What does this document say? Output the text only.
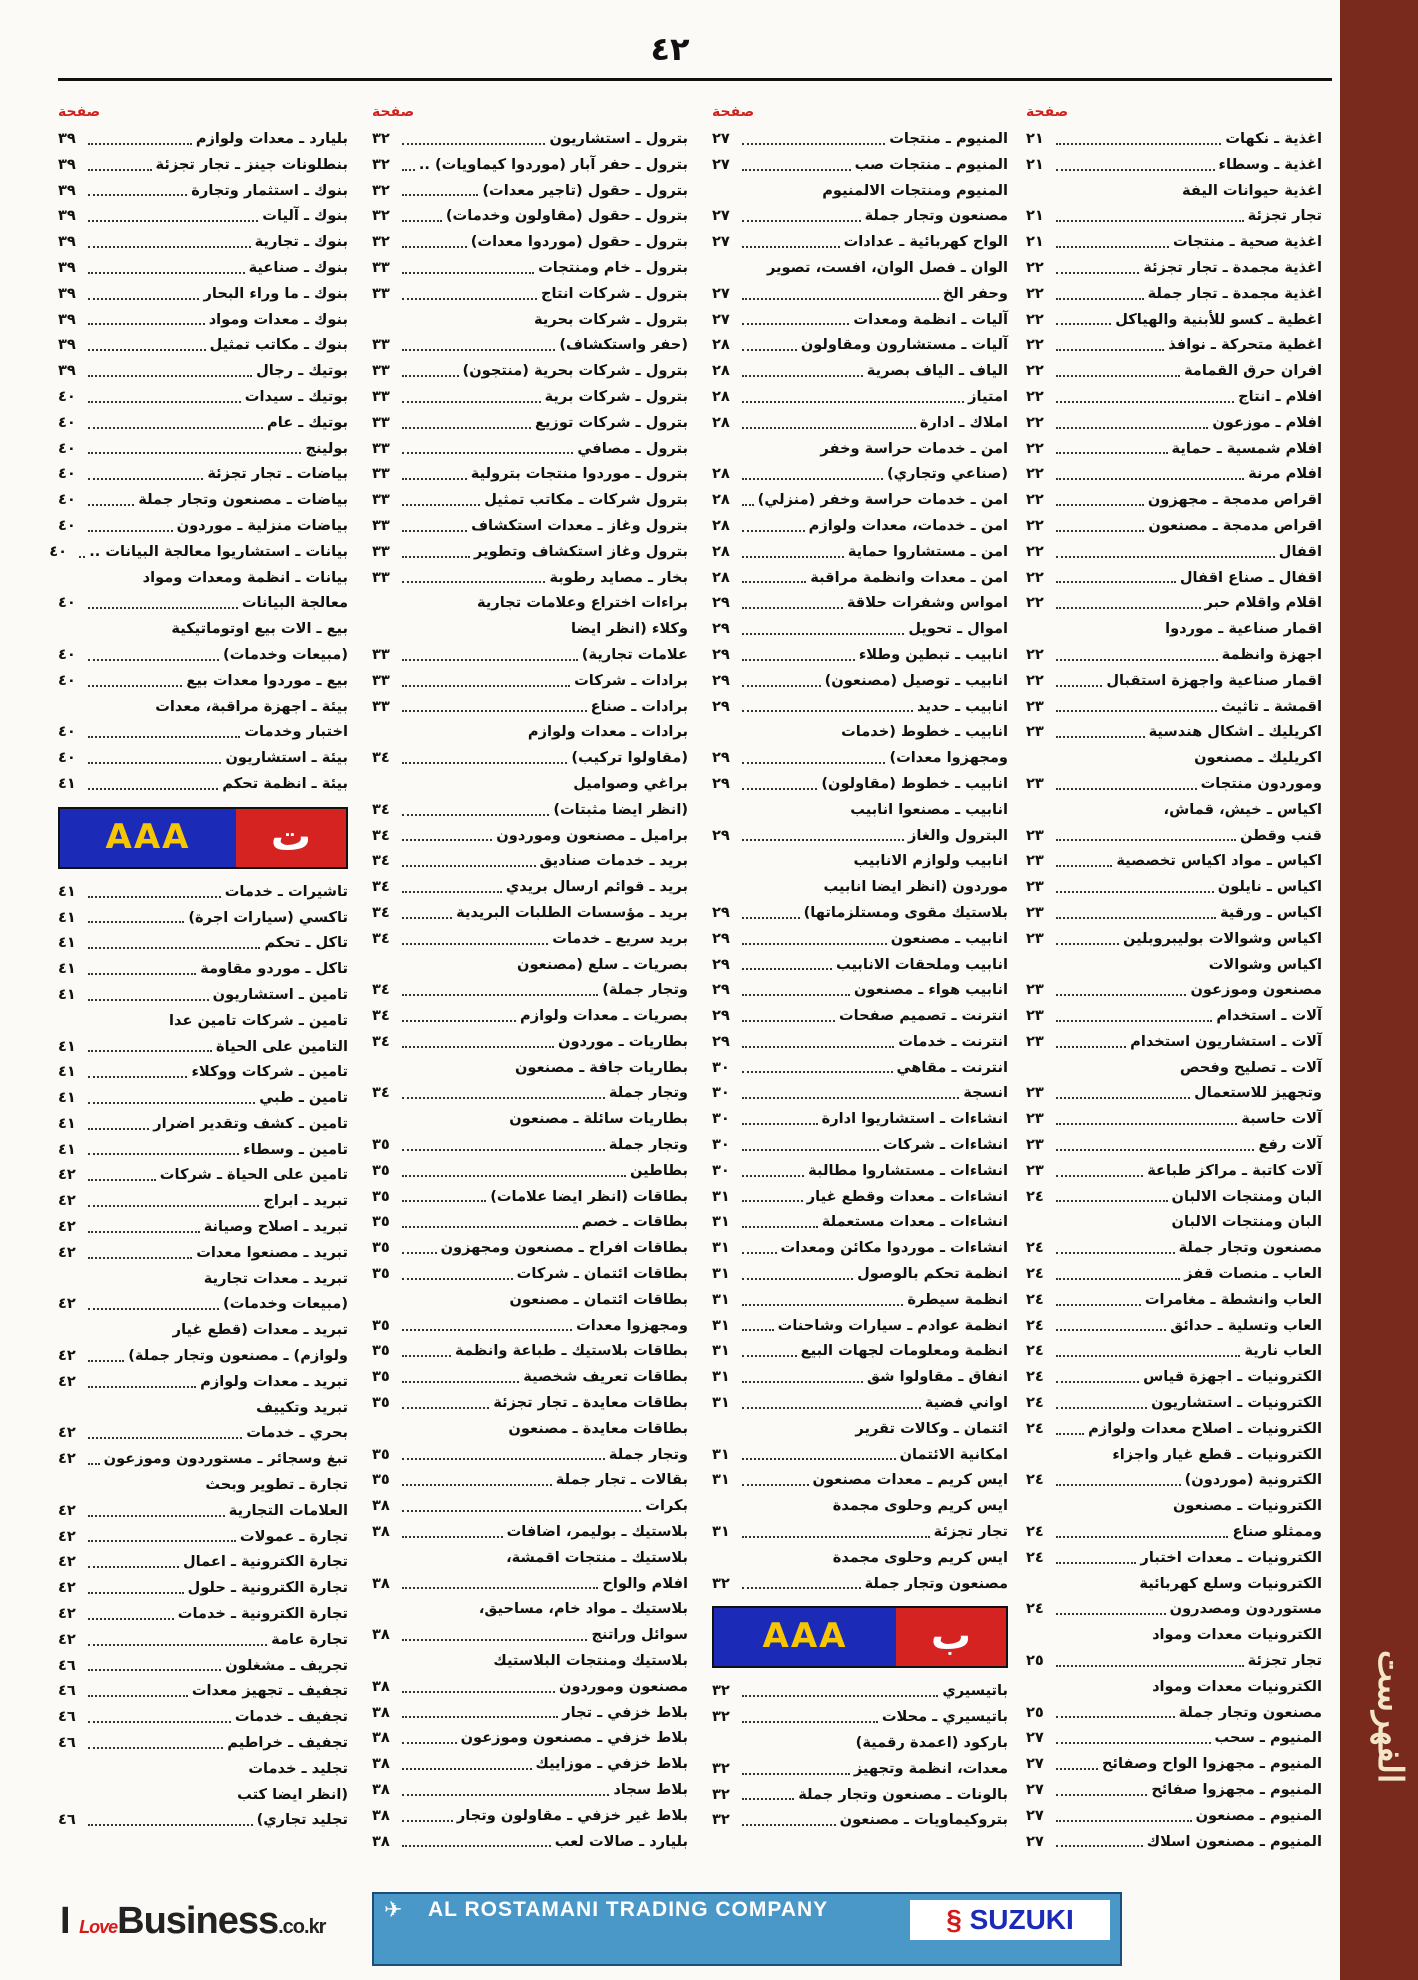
الفهرست
٤٢
صفحة
بليارد ـ معدات ولوازم
٣٩
بنطلونات جينز ـ تجار تجزئة
٣٩
بنوك ـ استثمار وتجارة
٣٩
بنوك ـ آليات
٣٩
بنوك ـ تجارية
٣٩
بنوك ـ صناعية
٣٩
بنوك ـ ما وراء البحار
٣٩
بنوك ـ معدات ومواد
٣٩
بنوك ـ مكاتب تمثيل
٣٩
بوتيك ـ رجال
٣٩
بوتيك ـ سيدات
٤٠
بوتيك ـ عام
٤٠
بولينج
٤٠
بياضات ـ تجار تجزئة
٤٠
بياضات ـ مصنعون وتجار جملة
٤٠
بياضات منزلية ـ موردون
٤٠
بيانات ـ استشاريوا معالجة البيانات ..
٤٠
بيانات ـ انظمة ومعدات ومواد
معالجة البيانات
٤٠
بيع ـ الات بيع اوتوماتيكية
(مبيعات وخدمات)
٤٠
بيع ـ موردوا معدات بيع
٤٠
بيئة ـ اجهزة مراقبة، معدات
اختبار وخدمات
٤٠
بيئة ـ استشاريون
٤٠
بيئة ـ انظمة تحكم
٤١
ت
AAA
تاشيرات ـ خدمات
٤١
تاكسي (سيارات اجرة)
٤١
تاكل ـ تحكم
٤١
تاكل ـ موردو مقاومة
٤١
تامين ـ استشاريون
٤١
تامين ـ شركات تامين عدا
التامين على الحياة
٤١
تامين ـ شركات ووكلاء
٤١
تامين ـ طبي
٤١
تامين ـ كشف وتقدير اضرار
٤١
تامين ـ وسطاء
٤١
تامين على الحياة ـ شركات
٤٢
تبريد ـ ابراج
٤٢
تبريد ـ اصلاح وصيانة
٤٢
تبريد ـ مصنعوا معدات
٤٢
تبريد ـ معدات تجارية
(مبيعات وخدمات)
٤٢
تبريد ـ معدات (قطع غيار
ولوازم) ـ مصنعون وتجار جملة)
٤٢
تبريد ـ معدات ولوازم
٤٢
تبريد وتكييف
بحري ـ خدمات
٤٢
تبغ وسجائر ـ مستوردون وموزعون
٤٢
تجارة ـ تطوير وبحث
العلامات التجارية
٤٢
تجارة ـ عمولات
٤٢
تجارة الكترونية ـ اعمال
٤٢
تجارة الكترونية ـ حلول
٤٢
تجارة الكترونية ـ خدمات
٤٢
تجارة عامة
٤٢
تجريف ـ مشغلون
٤٦
تجفيف ـ تجهيز معدات
٤٦
تجفيف ـ خدمات
٤٦
تجفيف ـ خراطيم
٤٦
تجليد ـ خدمات
(انظر ايضا كتب
تجليد تجاري)
٤٦
صفحة
بترول ـ استشاريون
٣٢
بترول ـ حفر آبار (موردوا كيماويات) ..
٣٢
بترول ـ حقول (تاجير معدات)
٣٢
بترول ـ حقول (مقاولون وخدمات)
٣٢
بترول ـ حقول (موردوا معدات)
٣٢
بترول ـ خام ومنتجات
٣٣
بترول ـ شركات انتاج
٣٣
بترول ـ شركات بحرية
(حفر واستكشاف)
٣٣
بترول ـ شركات بحرية (منتجون)
٣٣
بترول ـ شركات برية
٣٣
بترول ـ شركات توزيع
٣٣
بترول ـ مصافي
٣٣
بترول ـ موردوا منتجات بترولية
٣٣
بترول شركات ـ مكاتب تمثيل
٣٣
بترول وغاز ـ معدات استكشاف
٣٣
بترول وغاز استكشاف وتطوير
٣٣
بخار ـ مصايد رطوبة
٣٣
براءات اختراع وعلامات تجارية
وكلاء (انظر ايضا
علامات تجارية)
٣٣
برادات ـ شركات
٣٣
برادات ـ صناع
٣٣
برادات ـ معدات ولوازم
(مقاولوا تركيب)
٣٤
براغي وصواميل
(انظر ايضا مثبتات)
٣٤
براميل ـ مصنعون وموردون
٣٤
بريد ـ خدمات صناديق
٣٤
بريد ـ قوائم ارسال بريدي
٣٤
بريد ـ مؤسسات الطلبات البريدية
٣٤
بريد سريع ـ خدمات
٣٤
بصريات ـ سلع (مصنعون
وتجار جملة)
٣٤
بصريات ـ معدات ولوازم
٣٤
بطاريات ـ موردون
٣٤
بطاريات جافة ـ مصنعون
وتجار جملة
٣٤
بطاريات سائلة ـ مصنعون
وتجار جملة
٣٥
بطاطين
٣٥
بطاقات (انظر ايضا علامات)
٣٥
بطاقات ـ خصم
٣٥
بطاقات افراح ـ مصنعون ومجهزون
٣٥
بطاقات ائتمان ـ شركات
٣٥
بطاقات ائتمان ـ مصنعون
ومجهزوا معدات
٣٥
بطاقات بلاستيك ـ طباعة وانظمة
٣٥
بطاقات تعريف شخصية
٣٥
بطاقات معايدة ـ تجار تجزئة
٣٥
بطاقات معايدة ـ مصنعون
وتجار جملة
٣٥
بقالات ـ تجار جملة
٣٥
بكرات
٣٨
بلاستيك ـ بوليمر، اضافات
٣٨
بلاستيك ـ منتجات اقمشة،
افلام والواح
٣٨
بلاستيك ـ مواد خام، مساحيق،
سوائل وراتنج
٣٨
بلاستيك ومنتجات البلاستيك
مصنعون وموردون
٣٨
بلاط خزفي ـ تجار
٣٨
بلاط خزفي ـ مصنعون وموزعون
٣٨
بلاط خزفي ـ موزاييك
٣٨
بلاط سجاد
٣٨
بلاط غير خزفي ـ مقاولون وتجار
٣٨
بليارد ـ صالات لعب
٣٨
صفحة
المنيوم ـ منتجات
٢٧
المنيوم ـ منتجات صب
٢٧
المنيوم ومنتجات الالمنيوم
مصنعون وتجار جملة
٢٧
الواح كهربائية ـ عدادات
٢٧
الوان ـ فصل الوان، افست، تصوير
وحفر الخ
٢٧
آليات ـ انظمة ومعدات
٢٧
آليات ـ مستشارون ومقاولون
٢٨
الياف ـ الياف بصرية
٢٨
امتياز
٢٨
املاك ـ ادارة
٢٨
امن ـ خدمات حراسة وخفر
(صناعي وتجاري)
٢٨
امن ـ خدمات حراسة وخفر (منزلي)
٢٨
امن ـ خدمات، معدات ولوازم
٢٨
امن ـ مستشاروا حماية
٢٨
امن ـ معدات وانظمة مراقبة
٢٨
امواس وشفرات حلاقة
٢٩
اموال ـ تحويل
٢٩
انابيب ـ تبطين وطلاء
٢٩
انابيب ـ توصيل (مصنعون)
٢٩
انابيب ـ حديد
٢٩
انابيب ـ خطوط (خدمات
ومجهزوا معدات)
٢٩
انابيب ـ خطوط (مقاولون)
٢٩
انابيب ـ مصنعوا انابيب
البترول والغاز
٢٩
انابيب ولوازم الانابيب
موردون (انظر ايضا انابيب
بلاستيك مقوى ومستلزماتها)
٢٩
انابيب ـ مصنعون
٢٩
انابيب وملحقات الانابيب
٢٩
انابيب هواء ـ مصنعون
٢٩
انترنت ـ تصميم صفحات
٢٩
انترنت ـ خدمات
٢٩
انترنت ـ مقاهي
٣٠
انسجة
٣٠
انشاءات ـ استشاريوا ادارة
٣٠
انشاءات ـ شركات
٣٠
انشاءات ـ مستشاروا مطالبة
٣٠
انشاءات ـ معدات وقطع غيار
٣١
انشاءات ـ معدات مستعملة
٣١
انشاءات ـ موردوا مكائن ومعدات
٣١
انظمة تحكم بالوصول
٣١
انظمة سيطرة
٣١
انظمة عوادم ـ سيارات وشاحنات
٣١
انظمة ومعلومات لجهات البيع
٣١
انفاق ـ مقاولوا شق
٣١
اواني فضية
٣١
ائتمان ـ وكالات تقرير
امكانية الائتمان
٣١
ايس كريم ـ معدات مصنعون
٣١
ايس كريم وحلوى مجمدة
تجار تجزئة
٣١
ايس كريم وحلوى مجمدة
مصنعون وتجار جملة
٣٢
ب
AAA
باتيسيري
٣٢
باتيسيري ـ محلات
٣٢
باركود (اعمدة رقمية)
معدات، انظمة وتجهيز
٣٢
بالونات ـ مصنعون وتجار جملة
٣٢
بتروكيماويات ـ مصنعون
٣٢
صفحة
اغذية ـ نكهات
٢١
اغذية ـ وسطاء
٢١
اغذية حيوانات اليفة
تجار تجزئة
٢١
اغذية صحية ـ منتجات
٢١
اغذية مجمدة ـ تجار تجزئة
٢٢
اغذية مجمدة ـ تجار جملة
٢٢
اغطية ـ كسو للأبنية والهياكل
٢٢
اغطية متحركة ـ نوافذ
٢٢
افران حرق القمامة
٢٢
افلام ـ انتاج
٢٢
افلام ـ موزعون
٢٢
افلام شمسية ـ حماية
٢٢
افلام مرنة
٢٢
اقراص مدمجة ـ مجهزون
٢٢
اقراص مدمجة ـ مصنعون
٢٢
اقفال
٢٢
اقفال ـ صناع اقفال
٢٢
اقلام واقلام حبر
٢٢
اقمار صناعية ـ موردوا
اجهزة وانظمة
٢٢
اقمار صناعية واجهزة استقبال
٢٢
اقمشة ـ تاثيث
٢٣
اكريليك ـ اشكال هندسية
٢٣
اكريليك ـ مصنعون
وموردون منتجات
٢٣
اكياس ـ خيش، قماش،
قنب وقطن
٢٣
اكياس ـ مواد اكياس تخصصية
٢٣
اكياس ـ نايلون
٢٣
اكياس ـ ورقية
٢٣
اكياس وشوالات بوليبروبلين
٢٣
اكياس وشوالات
مصنعون وموزعون
٢٣
آلات ـ استخدام
٢٣
آلات ـ استشاريون استخدام
٢٣
آلات ـ تصليح وفحص
وتجهيز للاستعمال
٢٣
آلات حاسبة
٢٣
آلات رفع
٢٣
آلات كاتبة ـ مراكز طباعة
٢٣
البان ومنتجات الالبان
٢٤
البان ومنتجات الالبان
مصنعون وتجار جملة
٢٤
العاب ـ منصات قفز
٢٤
العاب وانشطة ـ مغامرات
٢٤
العاب وتسلية ـ حدائق
٢٤
العاب نارية
٢٤
الكترونيات ـ اجهزة قياس
٢٤
الكترونيات ـ استشاريون
٢٤
الكترونيات ـ اصلاح معدات ولوازم
٢٤
الكترونيات ـ قطع غيار واجزاء
الكترونية (موردون)
٢٤
الكترونيات ـ مصنعون
وممثلو صناع
٢٤
الكترونيات ـ معدات اختبار
٢٤
الكترونيات وسلع كهربائية
مستوردون ومصدرون
٢٤
الكترونيات معدات ومواد
تجار تجزئة
٢٥
الكترونيات معدات ومواد
مصنعون وتجار جملة
٢٥
المنيوم ـ سحب
٢٧
المنيوم ـ مجهزوا الواح وصفائح
٢٧
المنيوم ـ مجهزوا صفائح
٢٧
المنيوم ـ مصنعون
٢٧
المنيوم ـ مصنعون اسلاك
٢٧
I LoveBusiness.co.kr
✈ AL ROSTAMANI TRADING COMPANY	§ SUZUKI
